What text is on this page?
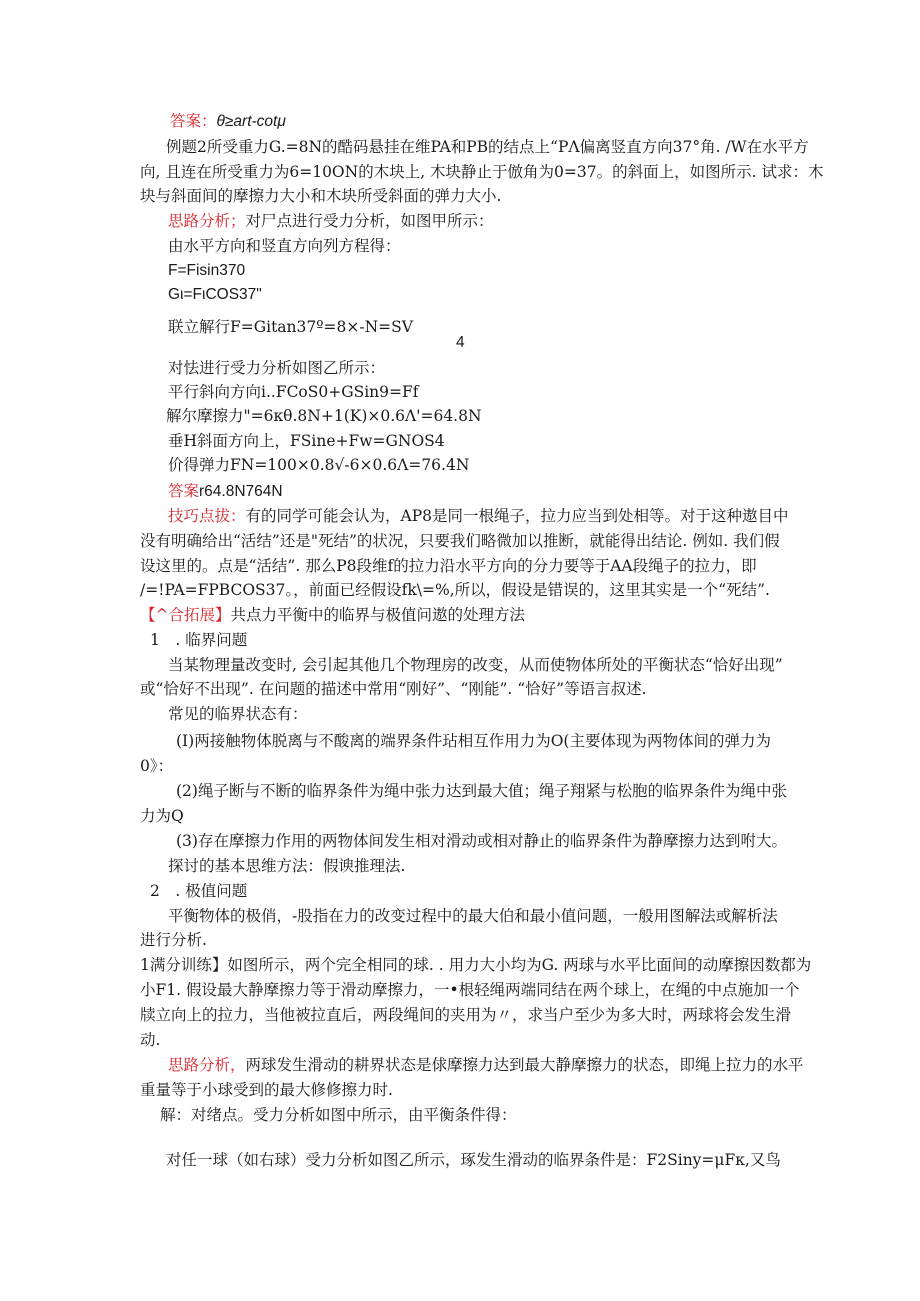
答案：θ≥art-cotμ
例题2所受重力G.=8N的酷码悬挂在维PA和PB的结点上“PΛ偏离竖直方向37°角. /W在水平方
向, 且连在所受重力为6=10ON的木块上, 木块静止于倣角为0=37。的斜面上，如图所示. 试求：木
块与斜面间的摩擦力大小和木块所受斜面的弹力大小.
思路分析；对尸点进行受力分析，如图甲所示：
由水平方向和竖直方向列方程得：
F=Fisin370
Gι=FιCOS37"
联立解行F=Gitan37º=8×-N=SV
4
对怯进行受力分析如图乙所示：
平行斜向方向i..FCoS0+GSin9=Ff
解尔摩擦力"=6κθ.8N+1(K)×0.6Λ'=64.8N
垂H斜面方向上，FSine+Fw=GNOS4
价得弹力FN=100×0.8√-6×0.6Λ=76.4N
答案r64.8N764N
技巧点拔：有的同学可能会认为，AP8是同一根绳子，拉力应当到处相等。对于这种遨目中
没有明确给出“活结”还是"死结”的状况，只要我们略微加以推断，就能得出结论. 例如. 我们假
设这里的。点是“活结”. 那么P8段维f的拉力沿水平方向的分力要等于AA段绳子的拉力，即
/=!PA=FPBCOS37。，前面已经假设fk\=%,所以，假设是错误的，这里其实是一个“死结”.
【^合拓展】共点力平衡中的临界与极值问遨的处理方法
1　. 临界问题
当某物理量改变时, 会引起其他几个物理房的改变，从而使物体所处的平衡状态“恰好出现”
或“恰好不出现”. 在问题的描述中常用“刚好”、“刚能”. “恰好”等语言叔述.
常见的临界状态有：
(I)两接触物体脱离与不酸离的端界条件玷相互作用力为O(主要体现为两物体间的弹力为
0》：
(2)绳子断与不断的临界条件为绳中张力达到最大值；绳子翔紧与松胞的临界条件为绳中张
力为Q
(3)存在摩擦力作用的两物体间发生相对滑动或相对静止的临界条件为静摩擦力达到咐大。
探讨的基本思维方法：假谀推理法.
2　. 极值问题
平衡物体的极俏，-股指在力的改变过程中的最大伯和最小值问题，一般用图解法或解析法
进行分析.
1满分训练】如图所示，两个完全相同的球. . 用力大小均为G. 两球与水平比面间的动摩擦因数都为
小F1. 假设最大静摩擦力等于滑动摩擦力，一•根轻绳两端同结在两个球上，在绳的中点施加一个
牍立向上的拉力，当他被拉直后，两段绳间的夹用为〃，求当户至少为多大时，两球将会发生滑
动.
思路分析，两球发生滑动的耕界状态是俅摩擦力达到最大静摩擦力的状态，即绳上拉力的水平
重量等于小球受到的最大修修擦力时.
解：对绪点。受力分析如图中所示，由平衡条件得：
对任一球（如右球）受力分析如图乙所示，琢发生滑动的临界条件是：F2Siny=μFκ,又鸟
